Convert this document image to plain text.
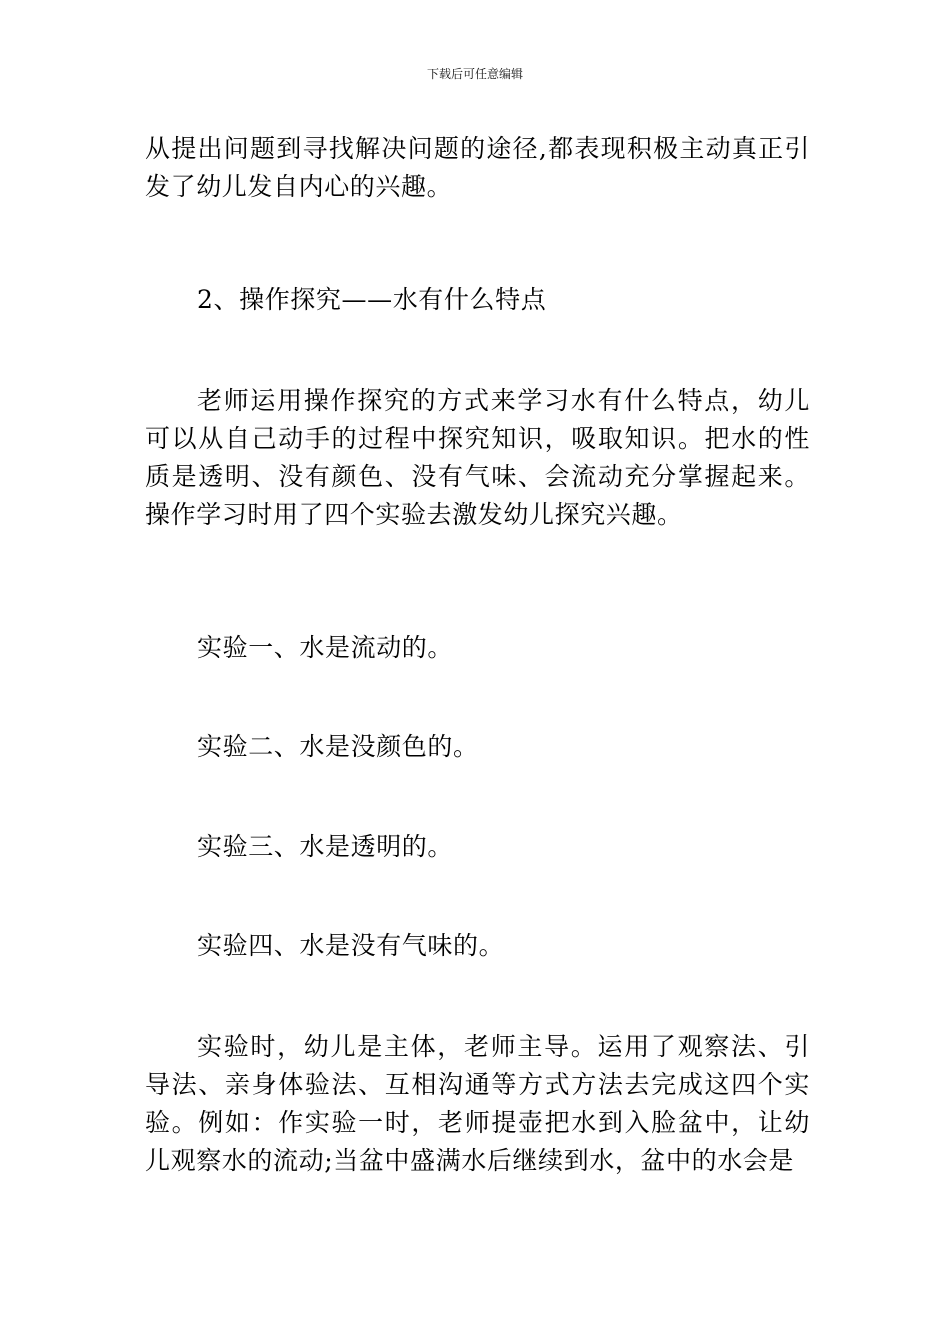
下载后可任意编辑

从提出问题到寻找解决问题的途径,都表现积极主动真正引发了幼儿发自内心的兴趣。

2、操作探究——水有什么特点

老师运用操作探究的方式来学习水有什么特点，幼儿可以从自己动手的过程中探究知识，吸取知识。把水的性质是透明、没有颜色、没有气味、会流动充分掌握起来。操作学习时用了四个实验去激发幼儿探究兴趣。

实验一、水是流动的。

实验二、水是没颜色的。

实验三、水是透明的。

实验四、水是没有气味的。

实验时，幼儿是主体，老师主导。运用了观察法、引导法、亲身体验法、互相沟通等方式方法去完成这四个实验。例如：作实验一时，老师提壶把水到入脸盆中，让幼儿观察水的流动;当盆中盛满水后继续到水，盆中的水会是
